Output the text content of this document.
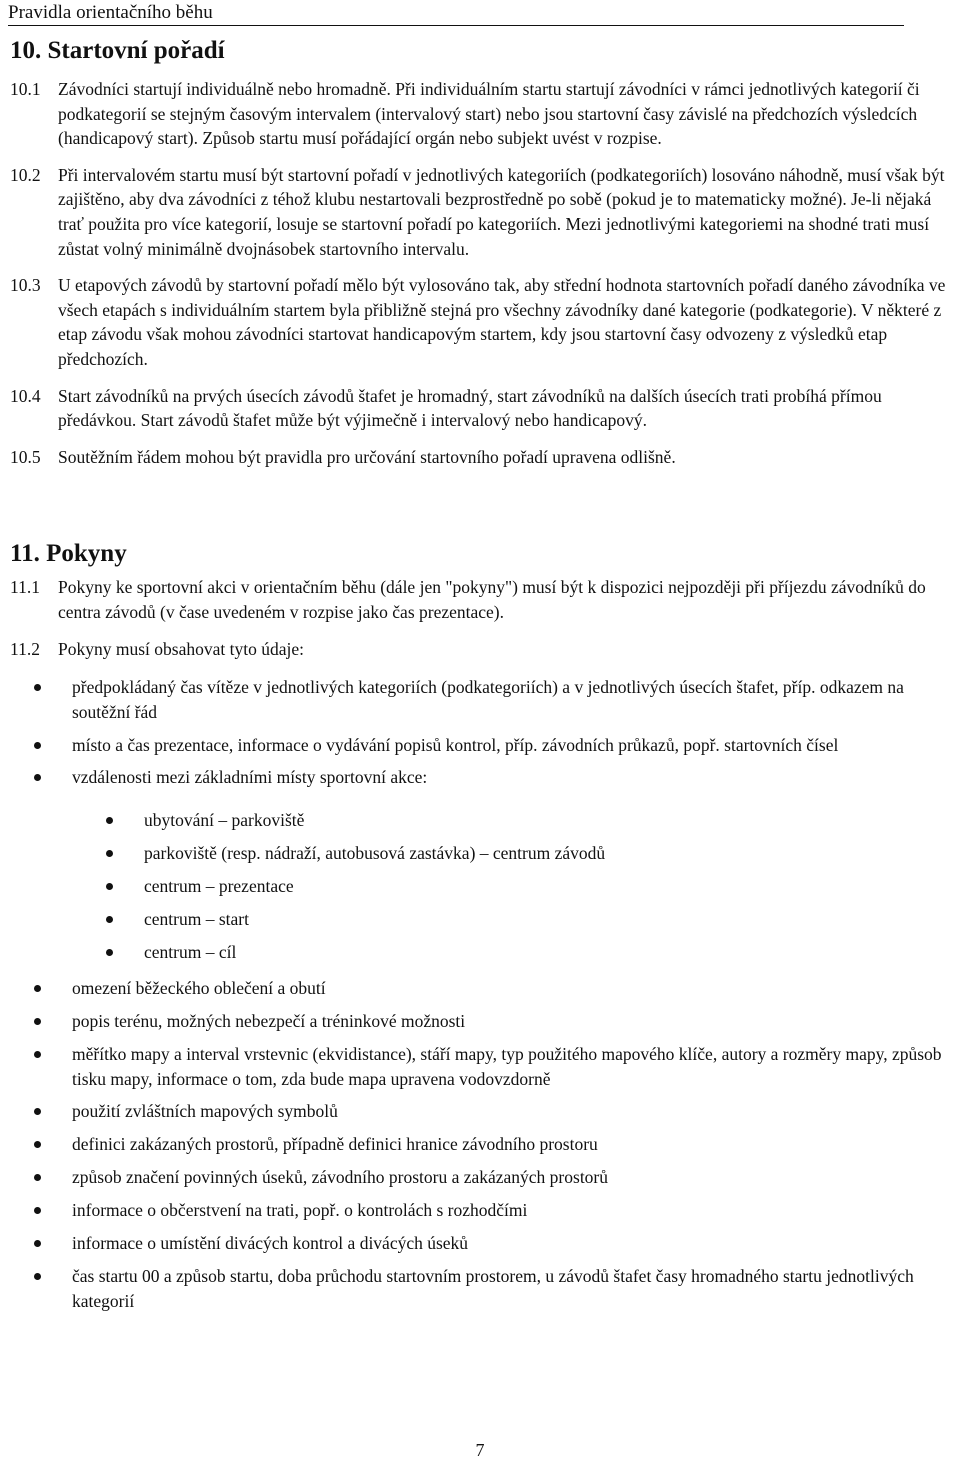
Pravidla orientačního běhu
10. Startovní pořadí
10.1 Závodníci startují individuálně nebo hromadně. Při individuálním startu startují závodníci v rámci jednotlivých kategorií či podkategorií se stejným časovým intervalem (intervalový start) nebo jsou startovní časy závislé na předchozích výsledcích (handicapový start). Způsob startu musí pořádající orgán nebo subjekt uvést v rozpise.
10.2 Při intervalovém startu musí být startovní pořadí v jednotlivých kategoriích (podkategoriích) losováno náhodně, musí však být zajištěno, aby dva závodníci z téhož klubu nestartovali bezprostředně po sobě (pokud je to matematicky možné). Je-li nějaká trať použita pro více kategorií, losuje se startovní pořadí po kategoriích. Mezi jednotlivými kategoriemi na shodné trati musí zůstat volný minimálně dvojnásobek startovního intervalu.
10.3 U etapových závodů by startovní pořadí mělo být vylosováno tak, aby střední hodnota startovních pořadí daného závodníka ve všech etapách s individuálním startem byla přibližně stejná pro všechny závodníky dané kategorie (podkategorie). V některé z etap závodu však mohou závodníci startovat handicapovým startem, kdy jsou startovní časy odvozeny z výsledků etap předchozích.
10.4 Start závodníků na prvých úsecích závodů štafet je hromadný, start závodníků na dalších úsecích trati probíhá přímou předávkou. Start závodů štafet může být výjimečně i intervalový nebo handicapový.
10.5 Soutěžním řádem mohou být pravidla pro určování startovního pořadí upravena odlišně.
11. Pokyny
11.1 Pokyny ke sportovní akci v orientačním běhu (dále jen "pokyny") musí být k dispozici nejpozději při příjezdu závodníků do centra závodů (v čase uvedeném v rozpise jako čas prezentace).
11.2 Pokyny musí obsahovat tyto údaje:
předpokládaný čas vítěze v jednotlivých kategoriích (podkategoriích) a v jednotlivých úsecích štafet, příp. odkazem na soutěžní řád
místo a čas prezentace, informace o vydávání popisů kontrol, příp. závodních průkazů, popř. startovních čísel
vzdálenosti mezi základními místy sportovní akce:
ubytování – parkoviště
parkoviště (resp. nádraží, autobusová zastávka) – centrum závodů
centrum – prezentace
centrum – start
centrum – cíl
omezení běžeckého oblečení a obutí
popis terénu, možných nebezpečí a tréninkové možnosti
měřítko mapy a interval vrstevnic (ekvidistance), stáří mapy, typ použitého mapového klíče, autory a rozměry mapy, způsob tisku mapy, informace o tom, zda bude mapa upravena vodovzdorně
použití zvláštních mapových symbolů
definici zakázaných prostorů, případně definici hranice závodního prostoru
způsob značení povinných úseků, závodního prostoru a zakázaných prostorů
informace o občerstvení na trati, popř. o kontrolách s rozhodčími
informace o umístění divácých kontrol a divácých úseků
čas startu 00 a způsob startu, doba průchodu startovním prostorem, u závodů štafet časy hromadného startu jednotlivých kategorií
7
